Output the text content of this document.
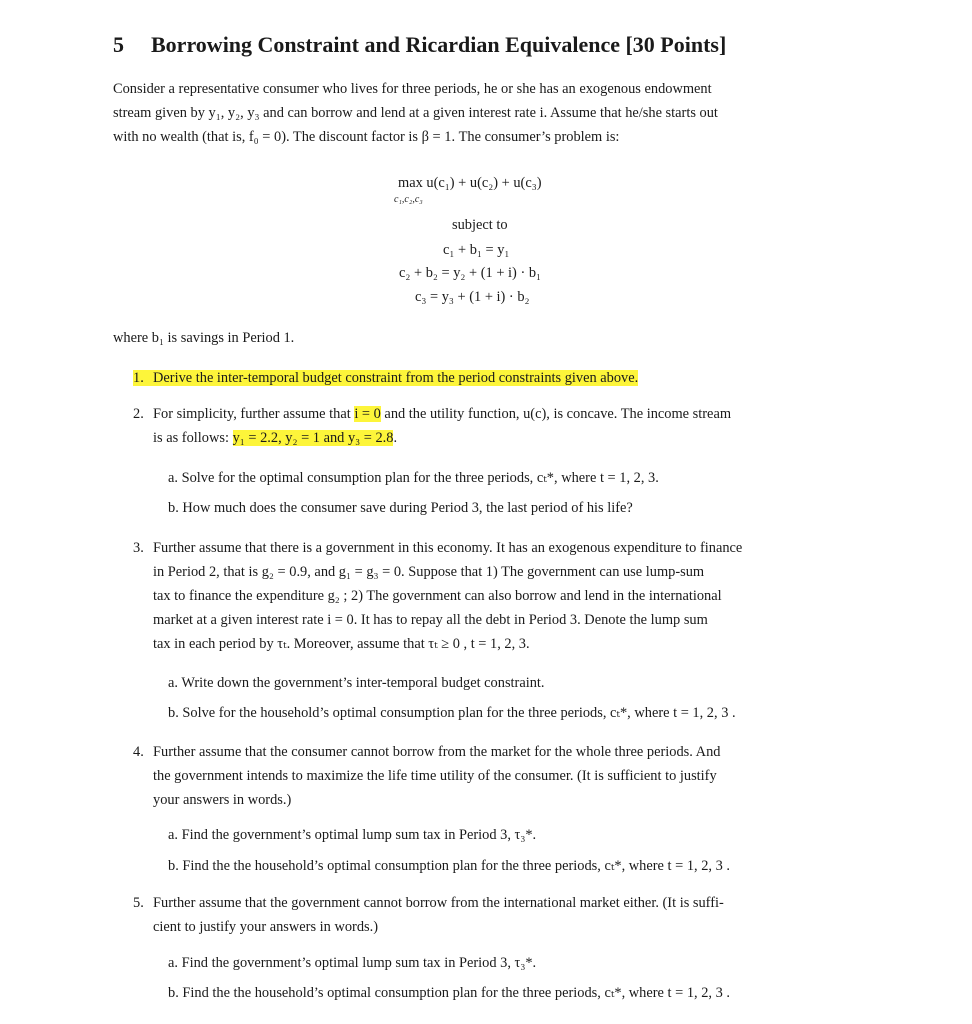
5 Borrowing Constraint and Ricardian Equivalence [30 Points]
Consider a representative consumer who lives for three periods, he or she has an exogenous endowment
stream given by y₁, y₂, y₃ and can borrow and lend at a given interest rate i. Assume that he/she starts out
with no wealth (that is, f₀ = 0). The discount factor is β = 1. The consumer’s problem is:
max u(c₁) + u(c₂) + u(c₃)
c₁,c₂,c₃
subject to
c₁ + b₁ = y₁
c₂ + b₂ = y₂ + (1 + i) · b₁
c₃ = y₃ + (1 + i) · b₂
where b₁ is savings in Period 1.
1. Derive the inter-temporal budget constraint from the period constraints given above.
2. For simplicity, further assume that i = 0 and the utility function, u(c), is concave. The income stream
is as follows: y₁ = 2.2, y₂ = 1 and y₃ = 2.8.
a. Solve for the optimal consumption plan for the three periods, cₜ*, where t = 1, 2, 3.
b. How much does the consumer save during Period 3, the last period of his life?
3. Further assume that there is a government in this economy. It has an exogenous expenditure to finance
in Period 2, that is g₂ = 0.9, and g₁ = g₃ = 0. Suppose that 1) The government can use lump-sum
tax to finance the expenditure g₂ ; 2) The government can also borrow and lend in the international
market at a given interest rate i = 0. It has to repay all the debt in Period 3. Denote the lump sum
tax in each period by τₜ. Moreover, assume that τₜ ≥ 0 , t = 1, 2, 3.
a. Write down the government’s inter-temporal budget constraint.
b. Solve for the household’s optimal consumption plan for the three periods, cₜ*, where t = 1, 2, 3 .
4. Further assume that the consumer cannot borrow from the market for the whole three periods. And
the government intends to maximize the life time utility of the consumer. (It is sufficient to justify
your answers in words.)
a. Find the government’s optimal lump sum tax in Period 3, τ₃*.
b. Find the the household’s optimal consumption plan for the three periods, cₜ*, where t = 1, 2, 3 .
5. Further assume that the government cannot borrow from the international market either. (It is suffi-
cient to justify your answers in words.)
a. Find the government’s optimal lump sum tax in Period 3, τ₃*.
b. Find the the household’s optimal consumption plan for the three periods, cₜ*, where t = 1, 2, 3 .
